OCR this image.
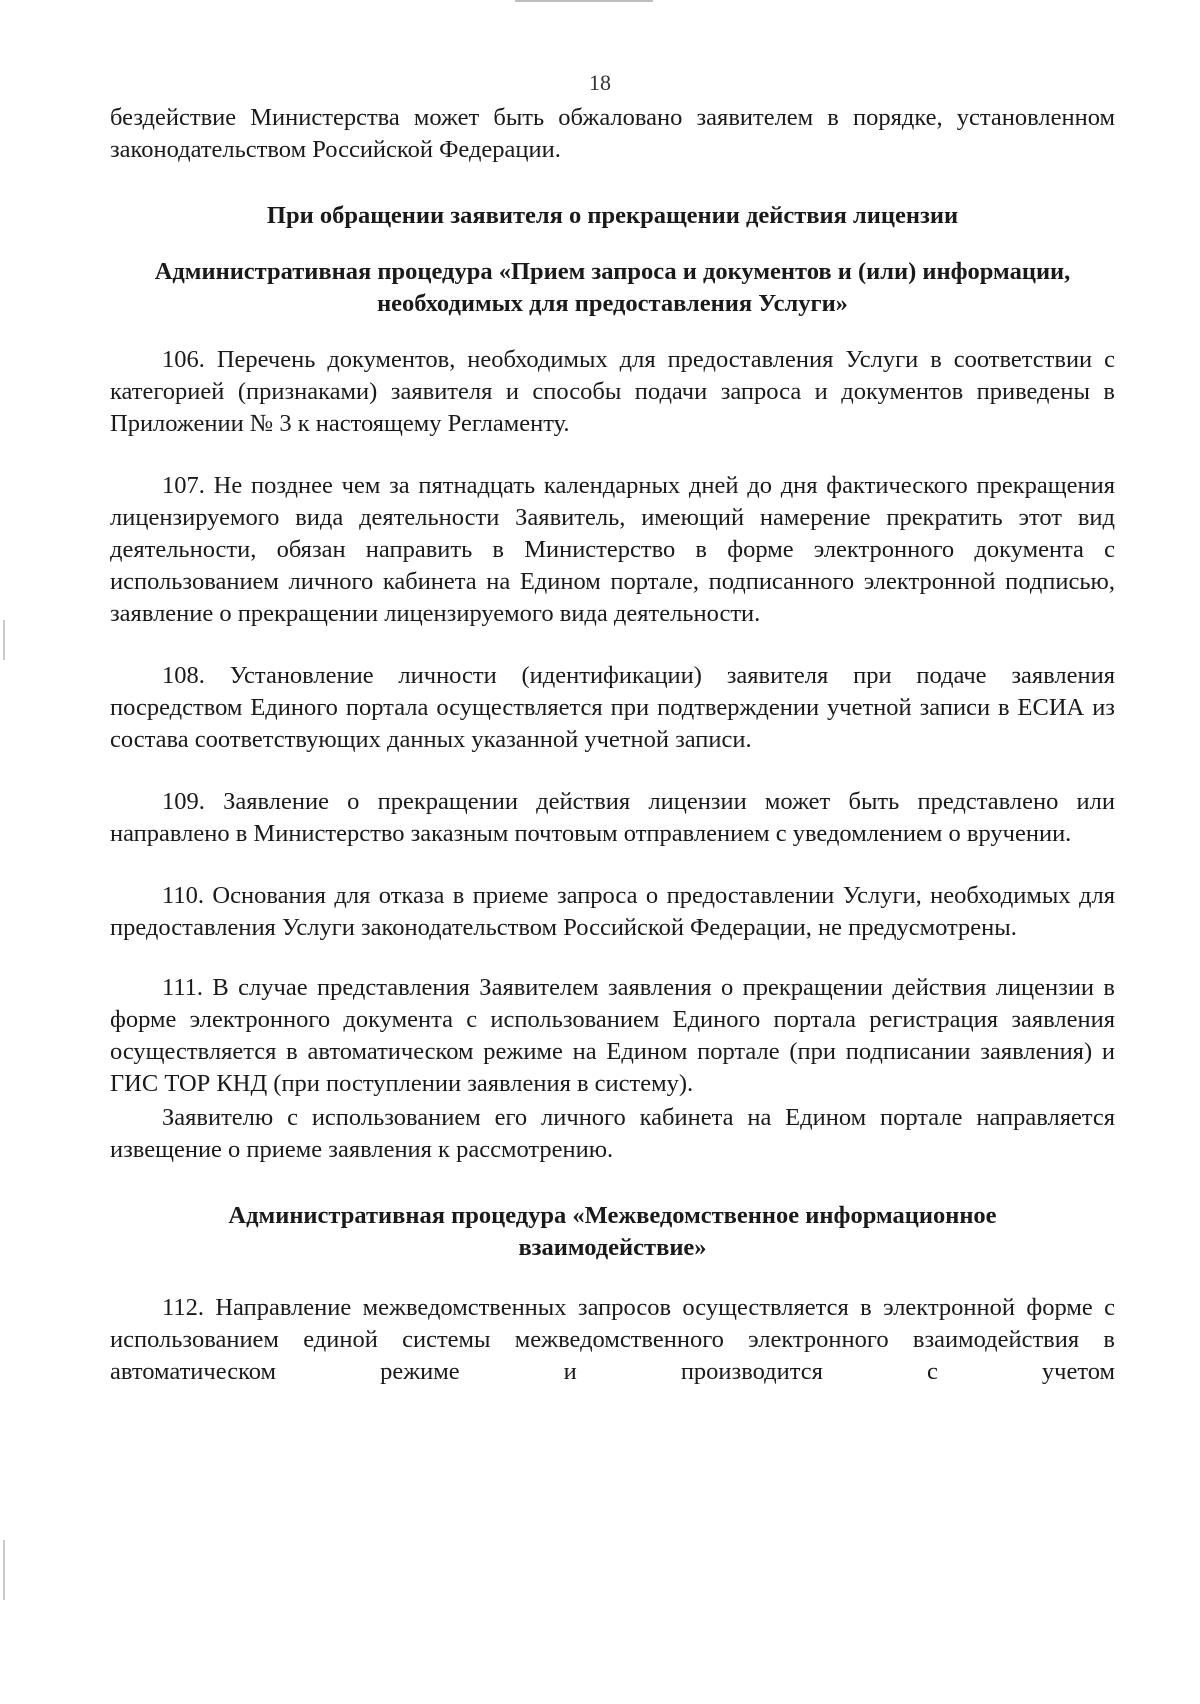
18

бездействие Министерства может быть обжаловано заявителем в порядке, установленном законодательством Российской Федерации.

При обращении заявителя о прекращении действия лицензии
Административная процедура «Прием запроса и документов и (или) информации, необходимых для предоставления Услуги»

106. Перечень документов, необходимых для предоставления Услуги в соответствии с категорией (признаками) заявителя и способы подачи запроса и документов приведены в Приложении № 3 к настоящему Регламенту.

107. Не позднее чем за пятнадцать календарных дней до дня фактического прекращения лицензируемого вида деятельности Заявитель, имеющий намерение прекратить этот вид деятельности, обязан направить в Министерство в форме электронного документа с использованием личного кабинета на Едином портале, подписанного электронной подписью, заявление о прекращении лицензируемого вида деятельности.

108. Установление личности (идентификации) заявителя при подаче заявления посредством Единого портала осуществляется при подтверждении учетной записи в ЕСИА из состава соответствующих данных указанной учетной записи.

109. Заявление о прекращении действия лицензии может быть представлено или направлено в Министерство заказным почтовым отправлением с уведомлением о вручении.

110. Основания для отказа в приеме запроса о предоставлении Услуги, необходимых для предоставления Услуги законодательством Российской Федерации, не предусмотрены.

111. В случае представления Заявителем заявления о прекращении действия лицензии в форме электронного документа с использованием Единого портала регистрация заявления осуществляется в автоматическом режиме на Едином портале (при подписании заявления) и ГИС ТОР КНД (при поступлении заявления в систему).

Заявителю с использованием его личного кабинета на Едином портале направляется извещение о приеме заявления к рассмотрению.

Административная процедура «Межведомственное информационное взаимодействие»

112. Направление межведомственных запросов осуществляется в электронной форме с использованием единой системы межведомственного электронного взаимодействия в автоматическом режиме и производится с учетом
